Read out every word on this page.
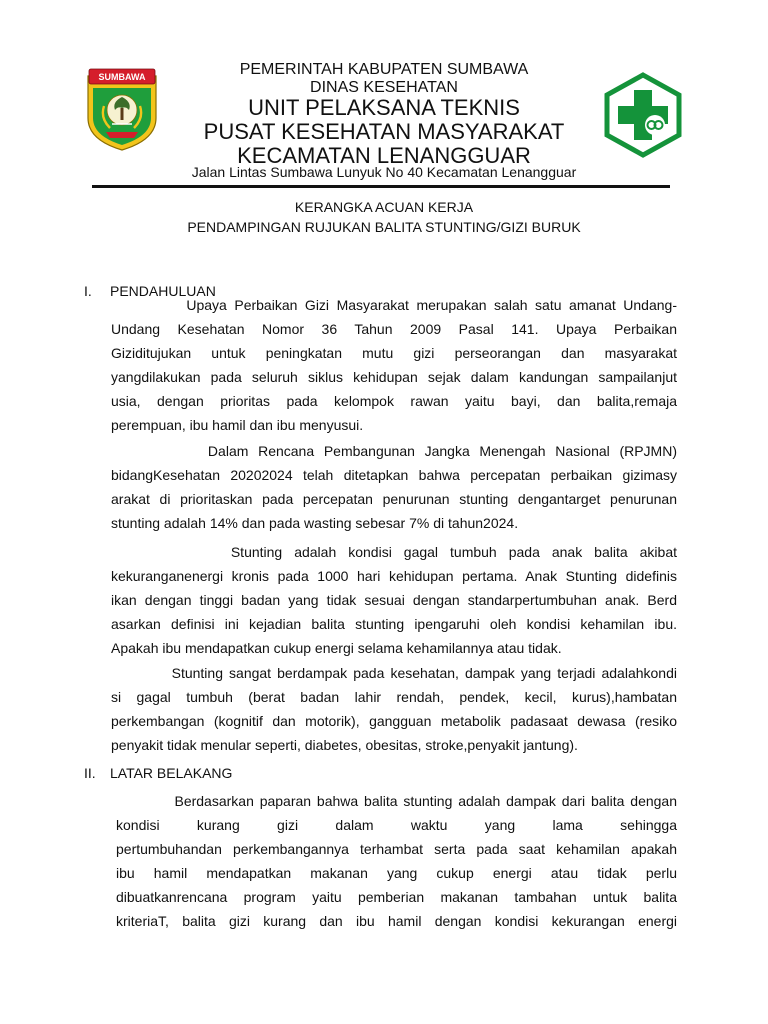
SUMBAWA	PEMERINTAH KABUPATEN SUMBAWA
DINAS KESEHATAN
UNIT PELAKSANA TEKNIS
PUSAT KESEHATAN MASYARAKAT
KECAMATAN LENANGGUAR
Jalan Lintas Sumbawa Lunyuk No 40 Kecamatan Lenangguar
KERANGKA ACUAN KERJA
PENDAMPINGAN RUJUKAN BALITA STUNTING/GIZI BURUK
I. PENDAHULUAN
Upaya Perbaikan Gizi Masyarakat merupakan salah satu amanat Undang-
Undang Kesehatan Nomor 36 Tahun 2009 Pasal 141. Upaya Perbaikan
Gizi​ditujukan untuk peningkatan mutu gizi perseorangan dan masyarakat
yang​dilakukan pada seluruh siklus kehidupan sejak dalam kandungan sampai​lanjut
usia, dengan prioritas pada kelompok rawan yaitu bayi, dan balita,remaja
perempuan, ibu hamil dan ibu menyusui.
Dalam Rencana Pembangunan Jangka Menengah Nasional (RPJMN)
bidangKesehatan 20202024 telah ditetapkan bahwa percepatan perbaikan gizimasy
arakat di prioritaskan pada percepatan penurunan stunting dengantarget penurunan
stunting adalah 14% dan pada wasting sebesar 7% di tahun2024.
Stunting adalah kondisi gagal tumbuh pada anak balita akibat
kekuranganenergi kronis pada 1000 hari kehidupan pertama. Anak Stunting didefinis
ikan dengan tinggi badan yang tidak sesuai dengan standarpertumbuhan anak. Berd
asarkan definisi ini kejadian balita stunting ipengaruhi oleh kondisi kehamilan ibu.
Apakah ibu mendapatkan cukup energi selama kehamilannya atau tidak.
Stunting sangat berdampak pada kesehatan, dampak yang terjadi adalahkondi
si gagal tumbuh (berat badan lahir rendah, pendek, kecil, kurus),hambatan
perkembangan (kognitif dan motorik), gangguan metabolik pada​saat dewasa (resiko
penyakit tidak menular seperti, diabetes, obesitas, stroke,penyakit jantung).
II. LATAR BELAKANG
Berdasarkan paparan bahwa balita stunting adalah dampak dari balita dengan
kondisi kurang gizi dalam waktu yang lama sehingga
pertumbuhandan perkembangannya terhambat serta pada saat kehamilan apakah
ibu hamil mendapatkan makanan yang cukup energi atau tidak perlu
dibuatkan​rencana program yaitu pemberian makanan tambahan untuk balita
kriteriaT, balita gizi kurang dan ibu hamil dengan kondisi kekurangan energi
